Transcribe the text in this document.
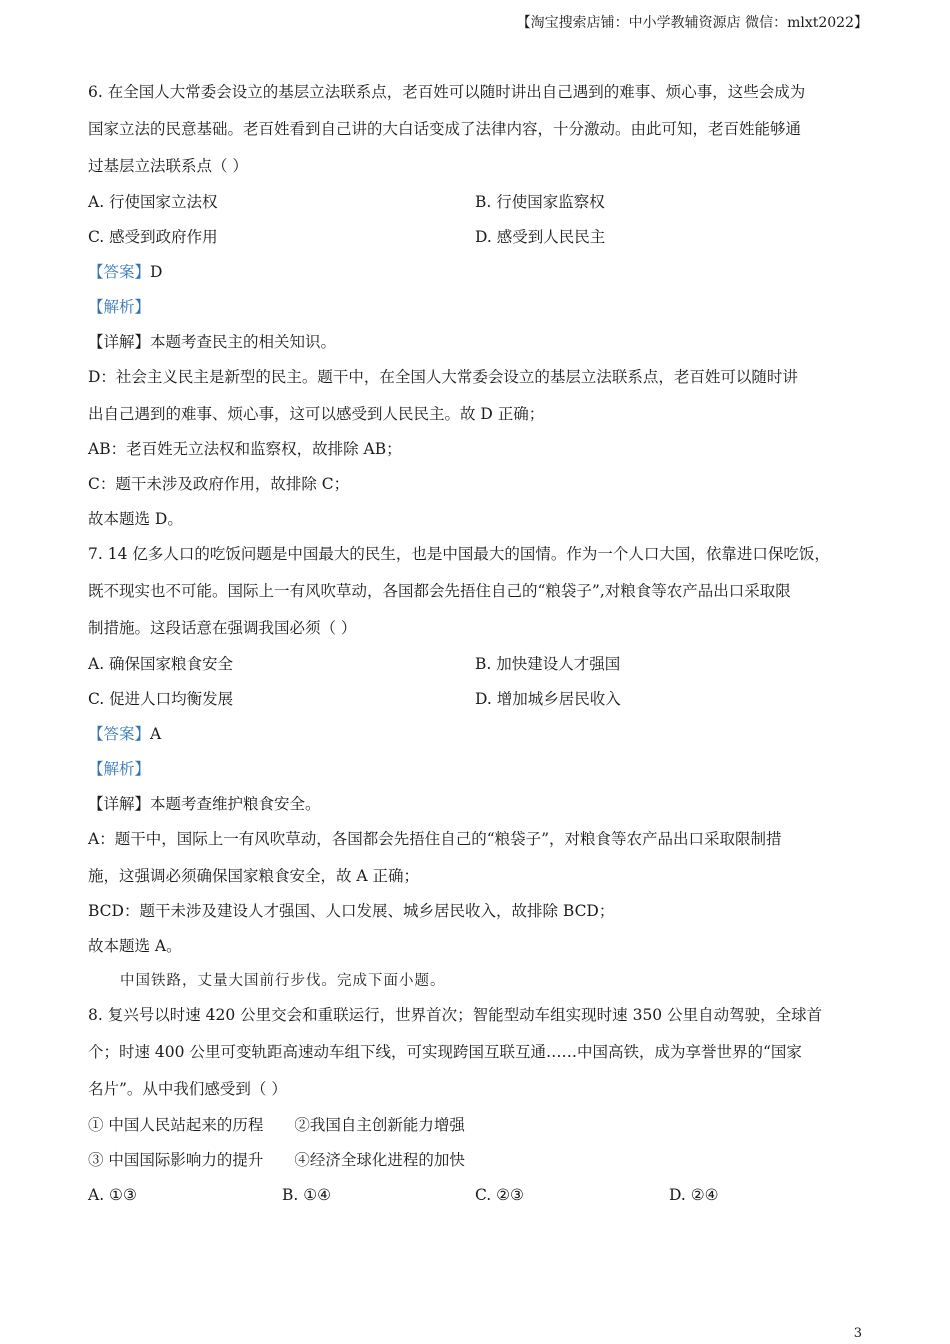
【淘宝搜索店铺：中小学教辅资源店 微信：mlxt2022】
6. 在全国人大常委会设立的基层立法联系点，老百姓可以随时讲出自己遇到的难事、烦心事，这些会成为
国家立法的民意基础。老百姓看到自己讲的大白话变成了法律内容，十分激动。由此可知，老百姓能够通
过基层立法联系点（ ）
A. 行使国家立法权	B. 行使国家监察权
C. 感受到政府作用	D. 感受到人民民主
【答案】D
【解析】
【详解】本题考查民主的相关知识。
D：社会主义民主是新型的民主。题干中，在全国人大常委会设立的基层立法联系点，老百姓可以随时讲
出自己遇到的难事、烦心事，这可以感受到人民民主。故 D 正确；
AB：老百姓无立法权和监察权，故排除 AB；
C：题干未涉及政府作用，故排除 C；
故本题选 D。
7. 14 亿多人口的吃饭问题是中国最大的民生，也是中国最大的国情。作为一个人口大国，依靠进口保吃饭，
既不现实也不可能。国际上一有风吹草动，各国都会先捂住自己的“粮袋子”,对粮食等农产品出口采取限
制措施。这段话意在强调我国必须（ ）
A. 确保国家粮食安全	B. 加快建设人才强国
C. 促进人口均衡发展	D. 增加城乡居民收入
【答案】A
【解析】
【详解】本题考查维护粮食安全。
A：题干中，国际上一有风吹草动，各国都会先捂住自己的“粮袋子”，对粮食等农产品出口采取限制措
施，这强调必须确保国家粮食安全，故 A 正确；
BCD：题干未涉及建设人才强国、人口发展、城乡居民收入，故排除 BCD；
故本题选 A。
中国铁路，丈量大国前行步伐。完成下面小题。
8. 复兴号以时速 420 公里交会和重联运行，世界首次；智能型动车组实现时速 350 公里自动驾驶，全球首
个；时速 400 公里可变轨距高速动车组下线，可实现跨国互联互通……中国高铁，成为享誉世界的“国家
名片”。从中我们感受到（ ）
① 中国人民站起来的历程　　②我国自主创新能力增强
③ 中国国际影响力的提升　　④经济全球化进程的加快
A. ①③	B. ①④	C. ②③	D. ②④
3
